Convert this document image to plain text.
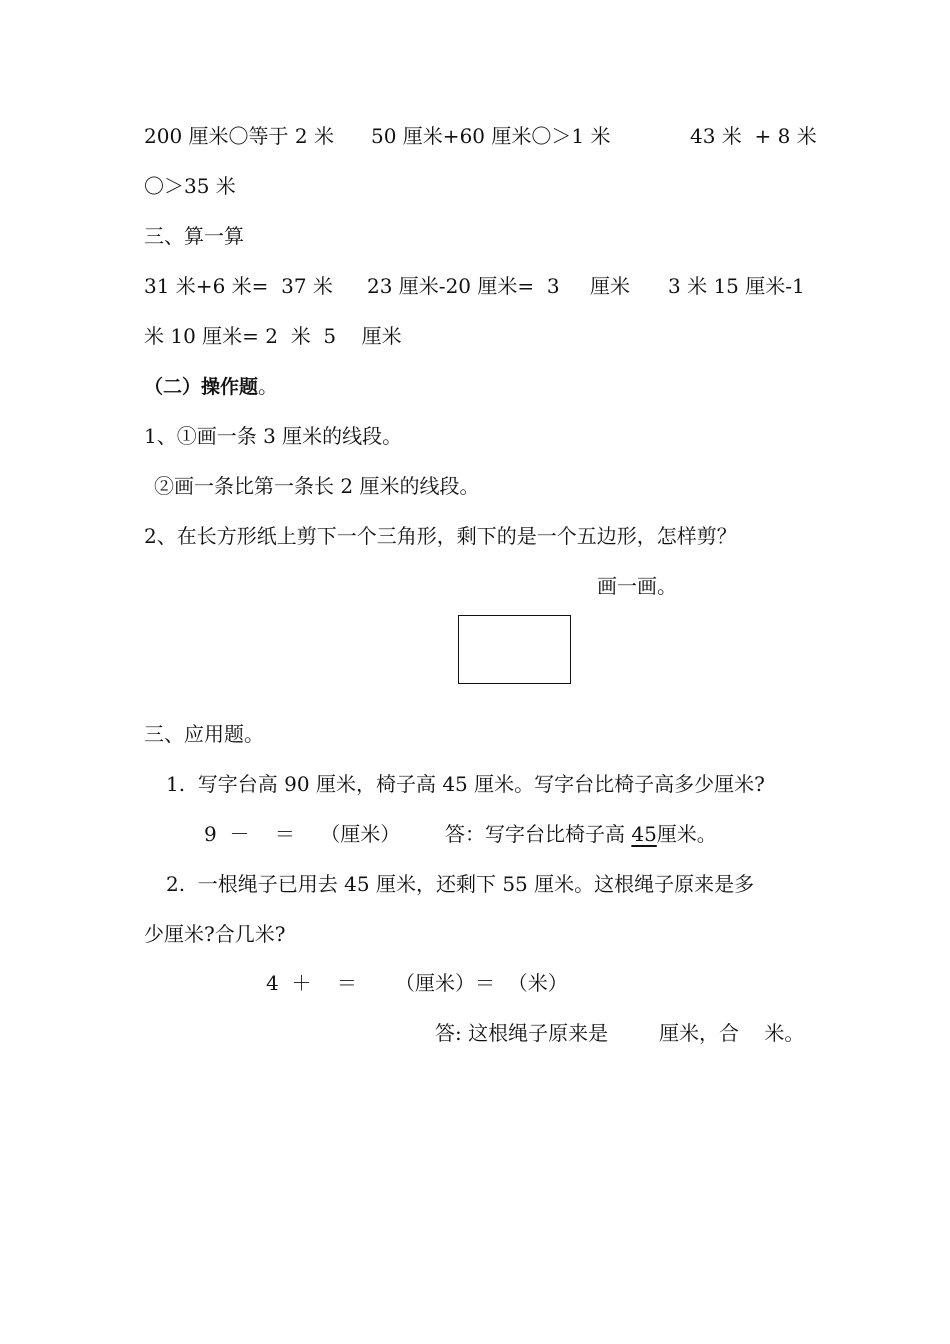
200 厘米〇等于 2 米 50 厘米+60 厘米〇＞1 米	43 米  + 8 米
〇＞35 米
三、算一算
31 米+6 米=  37 米 23 厘米-20 厘米=  3 厘米 3 米 15 厘米-1
米 10 厘米= 2  米  5    厘米
（二）操作题。
1、①画一条 3 厘米的线段。
②画一条比第一条长 2 厘米的线段。
2、在长方形纸上剪下一个三角形，剩下的是一个五边形，怎样剪？
画一画。
三、应用题。
1.  写字台高 90 厘米，椅子高 45 厘米。写字台比椅子高多少厘米?
9  －    ＝    （厘米） 答：写字台比椅子高 45厘米。
2.  一根绳子已用去 45 厘米，还剩下 55 厘米。这根绳子原来是多
少厘米?合几米?
4  ＋    ＝      （厘米）＝  （米）
答: 这根绳子原来是        厘米，合    米。
